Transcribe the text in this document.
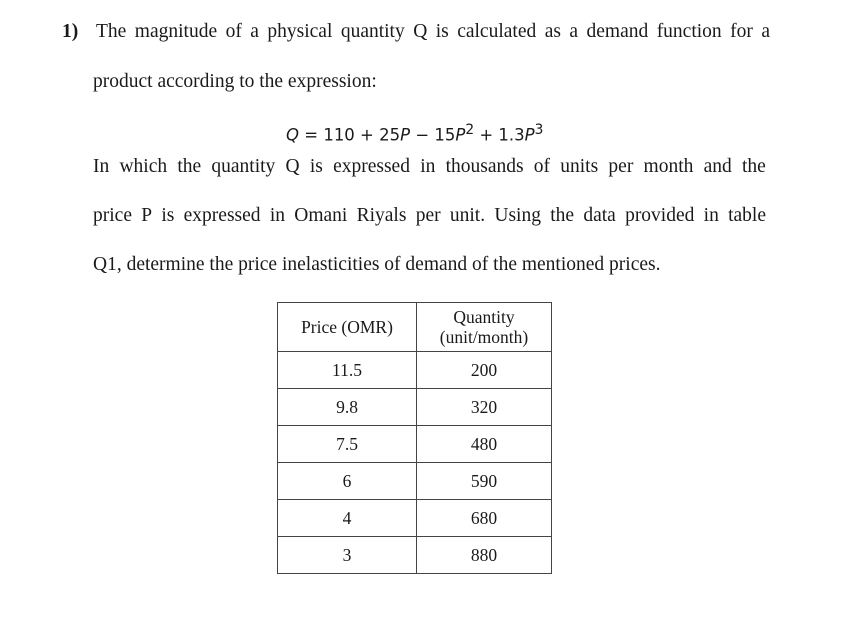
1) The magnitude of a physical quantity Q is calculated as a demand function for a
product according to the expression:
$Q = 110 + 25P - 15P^2 + 1.3P^3$
In which the quantity Q is expressed in thousands of units per month and the
price P is expressed in Omani Riyals per unit. Using the data provided in table
Q1, determine the price inelasticities of demand of the mentioned prices.
Price (OMR)	Quantity
(unit/month)

11.5	200
9.8	320
7.5	480
6	590
4	680
3	880
